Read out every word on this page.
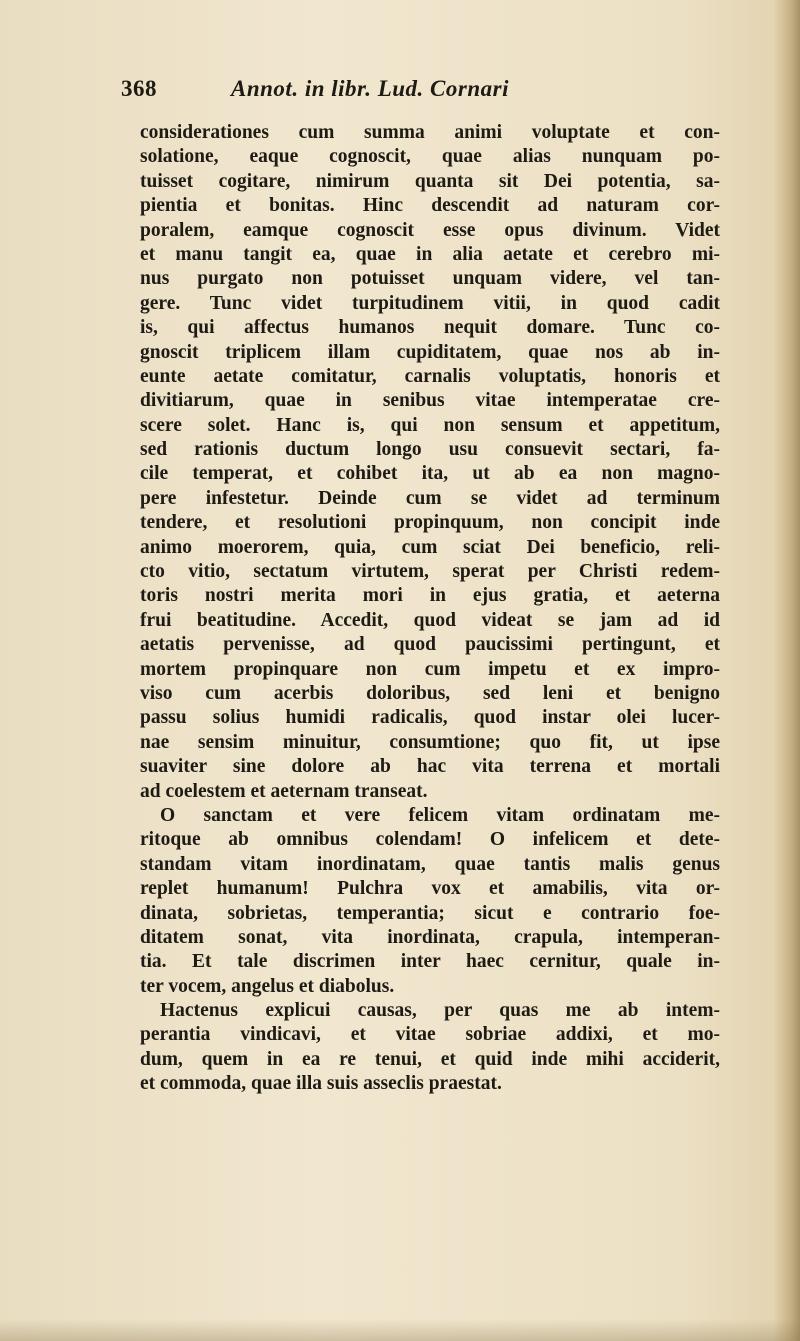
368	Annot. in libr. Lud. Cornari
considerationes cum summa animi voluptate et con-
solatione, eaque cognoscit, quae alias nunquam po-
tuisset cogitare, nimirum quanta sit Dei potentia, sa-
pientia et bonitas. Hinc descendit ad naturam cor-
poralem, eamque cognoscit esse opus divinum. Videt
et manu tangit ea, quae in alia aetate et cerebro mi-
nus purgato non potuisset unquam videre, vel tan-
gere. Tunc videt turpitudinem vitii, in quod cadit
is, qui affectus humanos nequit domare. Tunc co-
gnoscit triplicem illam cupiditatem, quae nos ab in-
eunte aetate comitatur, carnalis voluptatis, honoris et
divitiarum, quae in senibus vitae intemperatae cre-
scere solet. Hanc is, qui non sensum et appetitum,
sed rationis ductum longo usu consuevit sectari, fa-
cile temperat, et cohibet ita, ut ab ea non magno-
pere infestetur. Deinde cum se videt ad terminum
tendere, et resolutioni propinquum, non concipit inde
animo moerorem, quia, cum sciat Dei beneficio, reli-
cto vitio, sectatum virtutem, sperat per Christi redem-
toris nostri merita mori in ejus gratia, et aeterna
frui beatitudine. Accedit, quod videat se jam ad id
aetatis pervenisse, ad quod paucissimi pertingunt, et
mortem propinquare non cum impetu et ex impro-
viso cum acerbis doloribus, sed leni et benigno
passu solius humidi radicalis, quod instar olei lucer-
nae sensim minuitur, consumtione; quo fit, ut ipse
suaviter sine dolore ab hac vita terrena et mortali
ad coelestem et aeternam transeat.
O sanctam et vere felicem vitam ordinatam me-
ritoque ab omnibus colendam! O infelicem et dete-
standam vitam inordinatam, quae tantis malis genus
replet humanum! Pulchra vox et amabilis, vita or-
dinata, sobrietas, temperantia; sicut e contrario foe-
ditatem sonat, vita inordinata, crapula, intemperan-
tia. Et tale discrimen inter haec cernitur, quale in-
ter vocem, angelus et diabolus.
Hactenus explicui causas, per quas me ab intem-
perantia vindicavi, et vitae sobriae addixi, et mo-
dum, quem in ea re tenui, et quid inde mihi acciderit,
et commoda, quae illa suis asseclis praestat.
